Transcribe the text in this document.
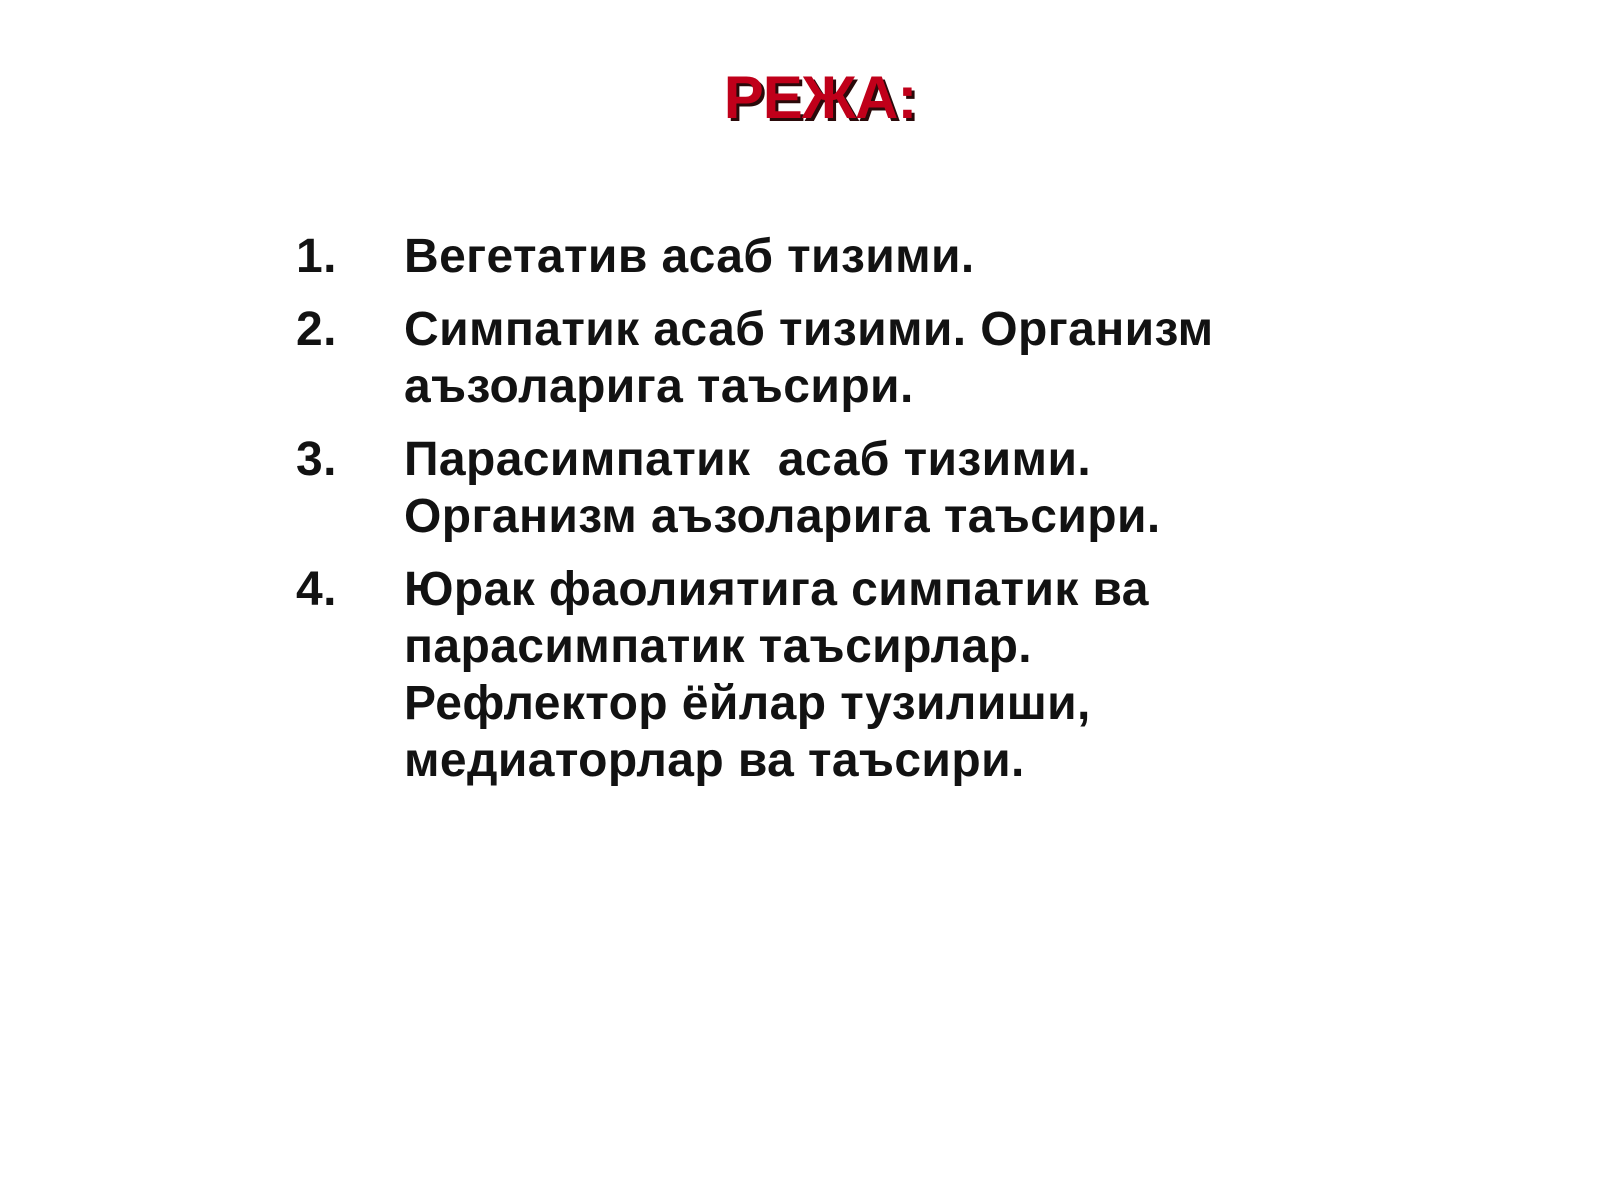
РЕЖА:
1.	Вегетатив асаб тизими.
2.	Симпатик асаб тизими. Организм
аъзоларига таъсири.
3.	Парасимпатик  асаб тизими.
Организм аъзоларига таъсири.
4.	Юрак фаолиятига симпатик ва
парасимпатик таъсирлар.
Рефлектор ёйлар тузилиши,
медиаторлар ва таъсири.
